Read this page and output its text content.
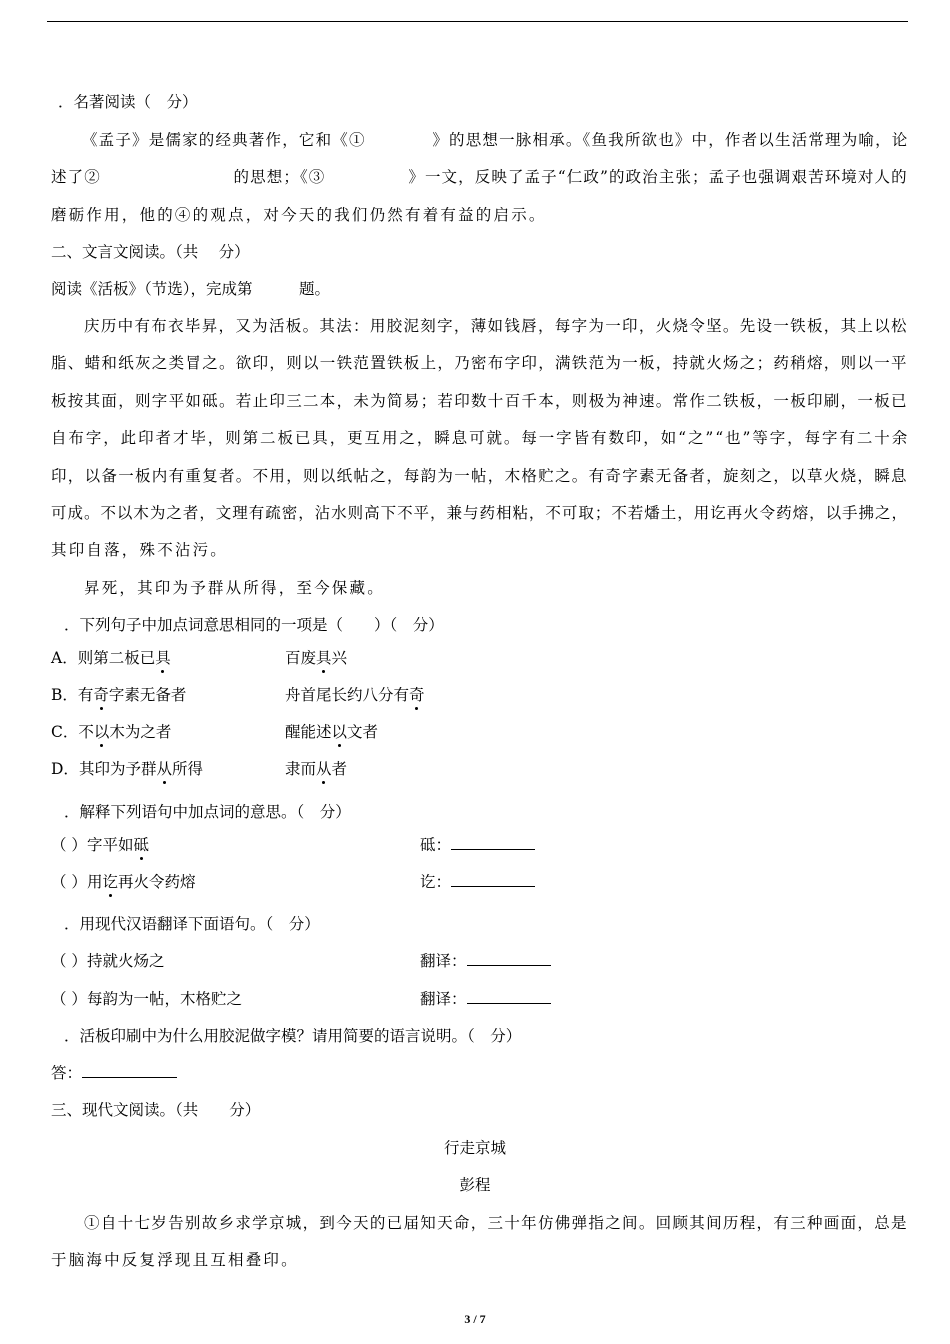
．名著阅读（　分）
《孟子》是儒家的经典著作，它和《①　　　　》的思想一脉相承。《鱼我所欲也》中，作者以生活常理为喻，论
述了②　　　　　　　　的思想；《③　　　　　》一文，反映了孟子“仁政”的政治主张；孟子也强调艰苦环境对人的
磨砺作用，他的④的观点，对今天的我们仍然有着有益的启示。
二、文言文阅读。（共　 分）
阅读《活板》（节选），完成第　　　题。
庆历中有布衣毕昇，又为活板。其法：用胶泥刻字，薄如钱唇，每字为一印，火烧令坚。先设一铁板，其上以松
脂、蜡和纸灰之类冒之。欲印，则以一铁范置铁板上，乃密布字印，满铁范为一板，持就火炀之；药稍熔，则以一平
板按其面，则字平如砥。若止印三二本，未为简易；若印数十百千本，则极为神速。常作二铁板，一板印刷，一板已
自布字，此印者才毕，则第二板已具，更互用之，瞬息可就。每一字皆有数印，如“之”“也”等字，每字有二十余
印，以备一板内有重复者。不用，则以纸帖之，每韵为一帖，木格贮之。有奇字素无备者，旋刻之，以草火烧，瞬息
可成。不以木为之者，文理有疏密，沾水则高下不平，兼与药相粘，不可取；不若燔土，用讫再火令药熔，以手拂之，
其印自落，殊不沾污。
昇死，其印为予群从所得，至今保藏。
．下列句子中加点词意思相同的一项是（　　）（　分）
A．则第二板已具	百废具兴
B．有奇字素无备者	舟首尾长约八分有奇
C．不以木为之者	醒能述以文者
D．其印为予群从所得	隶而从者
．解释下列语句中加点词的意思。（　分）
（ ）字平如砥	砥：
（ ）用讫再火令药熔	讫：
．用现代汉语翻译下面语句。（　分）
（ ）持就火炀之	翻译：
（ ）每韵为一帖，木格贮之	翻译：
．活板印刷中为什么用胶泥做字模？请用简要的语言说明。（　分）
答：
三、现代文阅读。（共　　分）
行走京城
彭程
①自十七岁告别故乡求学京城，到今天的已届知天命，三十年仿佛弹指之间。回顾其间历程，有三种画面，总是
于脑海中反复浮现且互相叠印。
3 / 7
